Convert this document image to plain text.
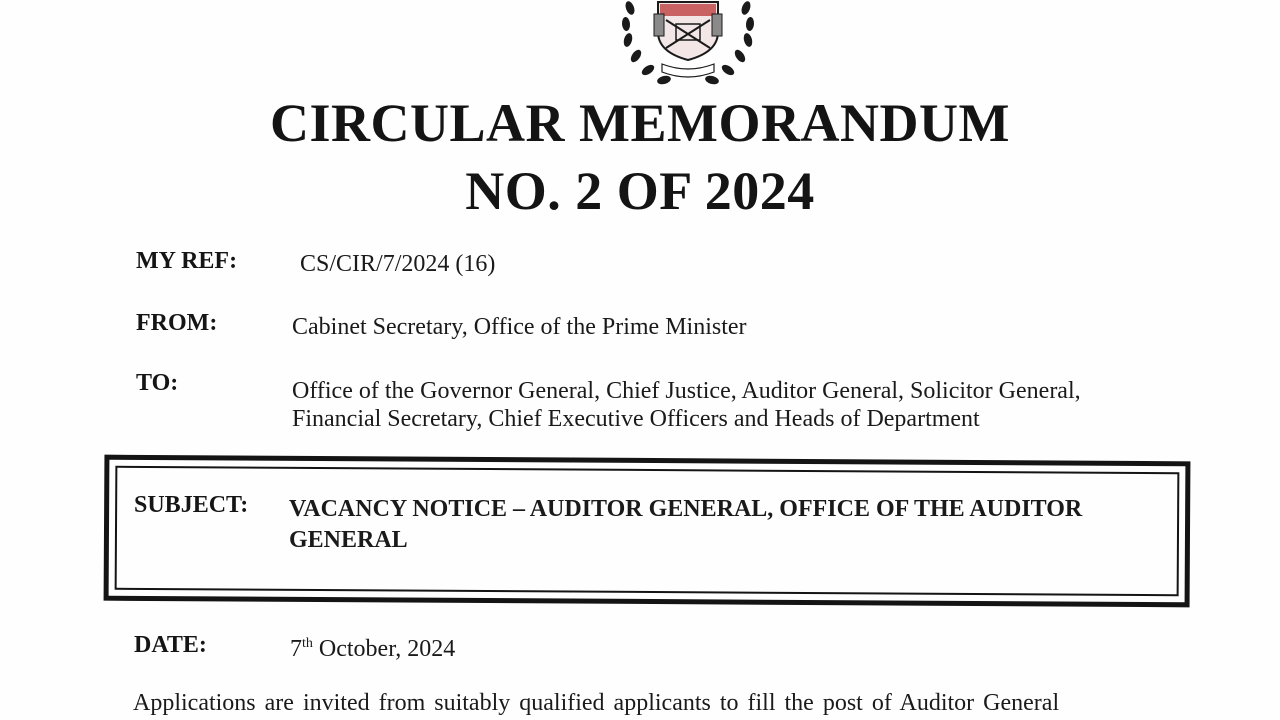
CIRCULAR MEMORANDUM
NO. 2 OF 2024
MY REF:	CS/CIR/7/2024 (16)
FROM:	Cabinet Secretary, Office of the Prime Minister
TO:	Office of the Governor General, Chief Justice, Auditor General, Solicitor General,
Financial Secretary, Chief Executive Officers and Heads of Department
SUBJECT: VACANCY NOTICE – AUDITOR GENERAL, OFFICE OF THE AUDITOR
GENERAL
DATE:	7th October, 2024
Applications are invited from suitably qualified applicants to fill the post of Auditor General
